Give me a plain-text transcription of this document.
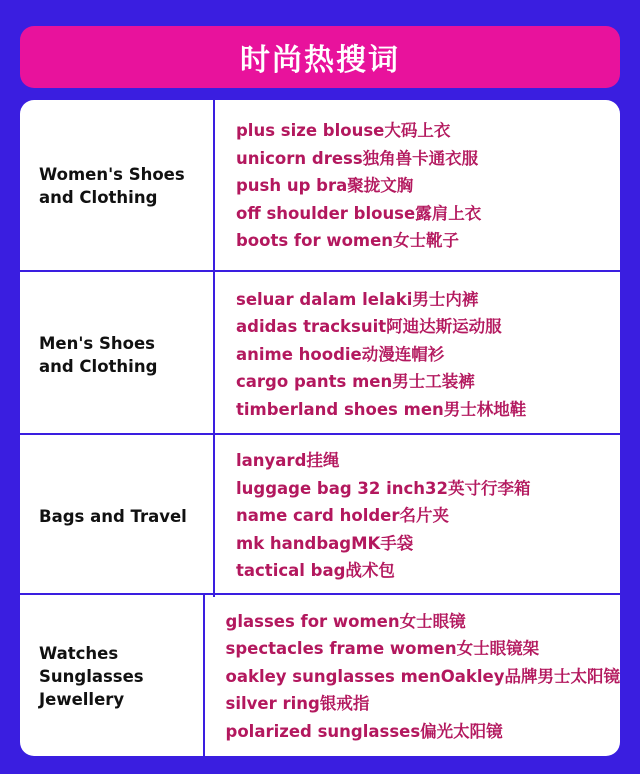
时尚热搜词
Women's Shoes
and Clothing
plus size blouse大码上衣
unicorn dress独角兽卡通衣服
push up bra聚拢文胸
off shoulder blouse露肩上衣
boots for women女士靴子
Men's Shoes
and Clothing
seluar dalam lelaki男士内裤
adidas tracksuit阿迪达斯运动服
anime hoodie动漫连帽衫
cargo pants men男士工装裤
timberland shoes men男士林地鞋
Bags and Travel
lanyard挂绳
luggage bag 32 inch32英寸行李箱
name card holder名片夹
mk handbagMK手袋
tactical bag战术包
Watches Sunglasses
Jewellery
glasses for women女士眼镜
spectacles frame women女士眼镜架
oakley sunglasses menOakley品牌男士太阳镜
silver ring银戒指
polarized sunglasses偏光太阳镜
